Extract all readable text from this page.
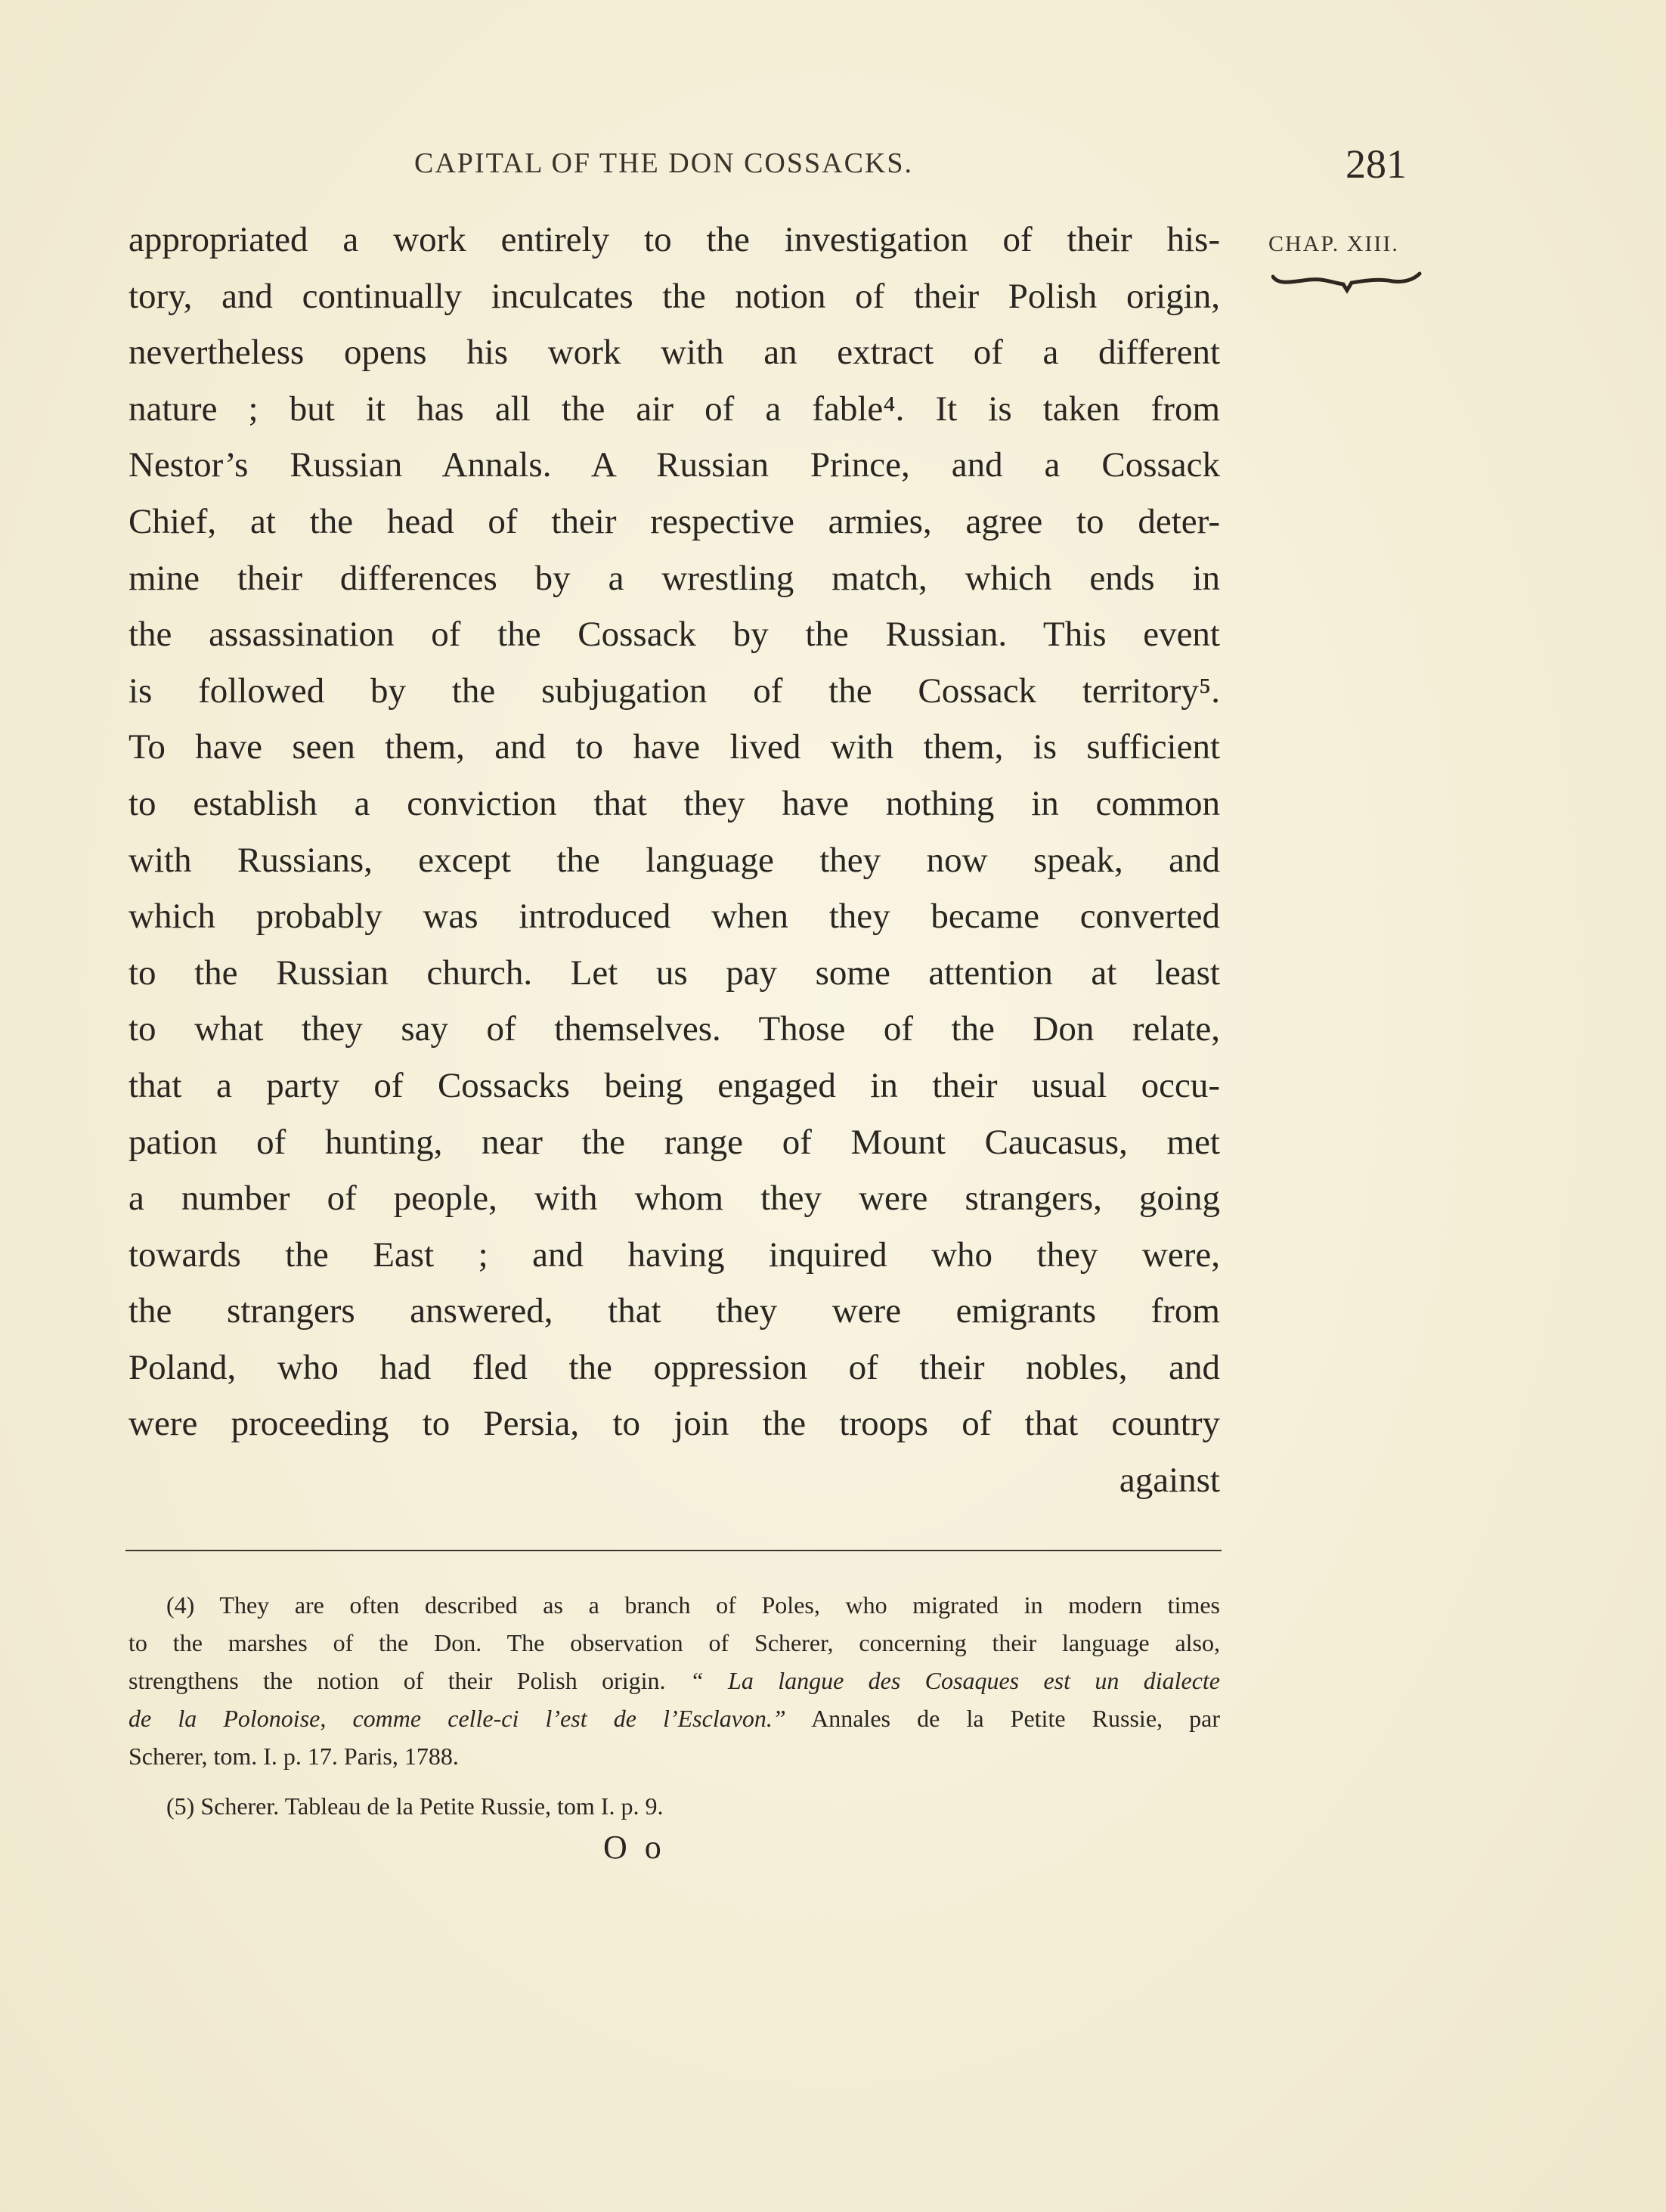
CAPITAL OF THE DON COSSACKS.	281
CHAP. XIII.
appropriated a work entirely to the investigation of their his-
tory, and continually inculcates the notion of their Polish origin,
nevertheless opens his work with an extract of a different
nature ; but it has all the air of a fable⁴. It is taken from
Nestor’s Russian Annals. A Russian Prince, and a Cossack
Chief, at the head of their respective armies, agree to deter-
mine their differences by a wrestling match, which ends in
the assassination of the Cossack by the Russian. This event
is followed by the subjugation of the Cossack territory⁵.
To have seen them, and to have lived with them, is sufficient
to establish a conviction that they have nothing in common
with Russians, except the language they now speak, and
which probably was introduced when they became converted
to the Russian church. Let us pay some attention at least
to what they say of themselves. Those of the Don relate,
that a party of Cossacks being engaged in their usual occu-
pation of hunting, near the range of Mount Caucasus, met
a number of people, with whom they were strangers, going
towards the East ; and having inquired who they were,
the strangers answered, that they were emigrants from
Poland, who had fled the oppression of their nobles, and
were proceeding to Persia, to join the troops of that country
against
(4) They are often described as a branch of Poles, who migrated in modern times
to the marshes of the Don. The observation of Scherer, concerning their language also,
strengthens the notion of their Polish origin. “ La langue des Cosaques est un dialecte
de la Polonoise, comme celle-ci l’est de l’Esclavon.” Annales de la Petite Russie, par
Scherer, tom. I. p. 17. Paris, 1788.
(5) Scherer. Tableau de la Petite Russie, tom I. p. 9.
O o
